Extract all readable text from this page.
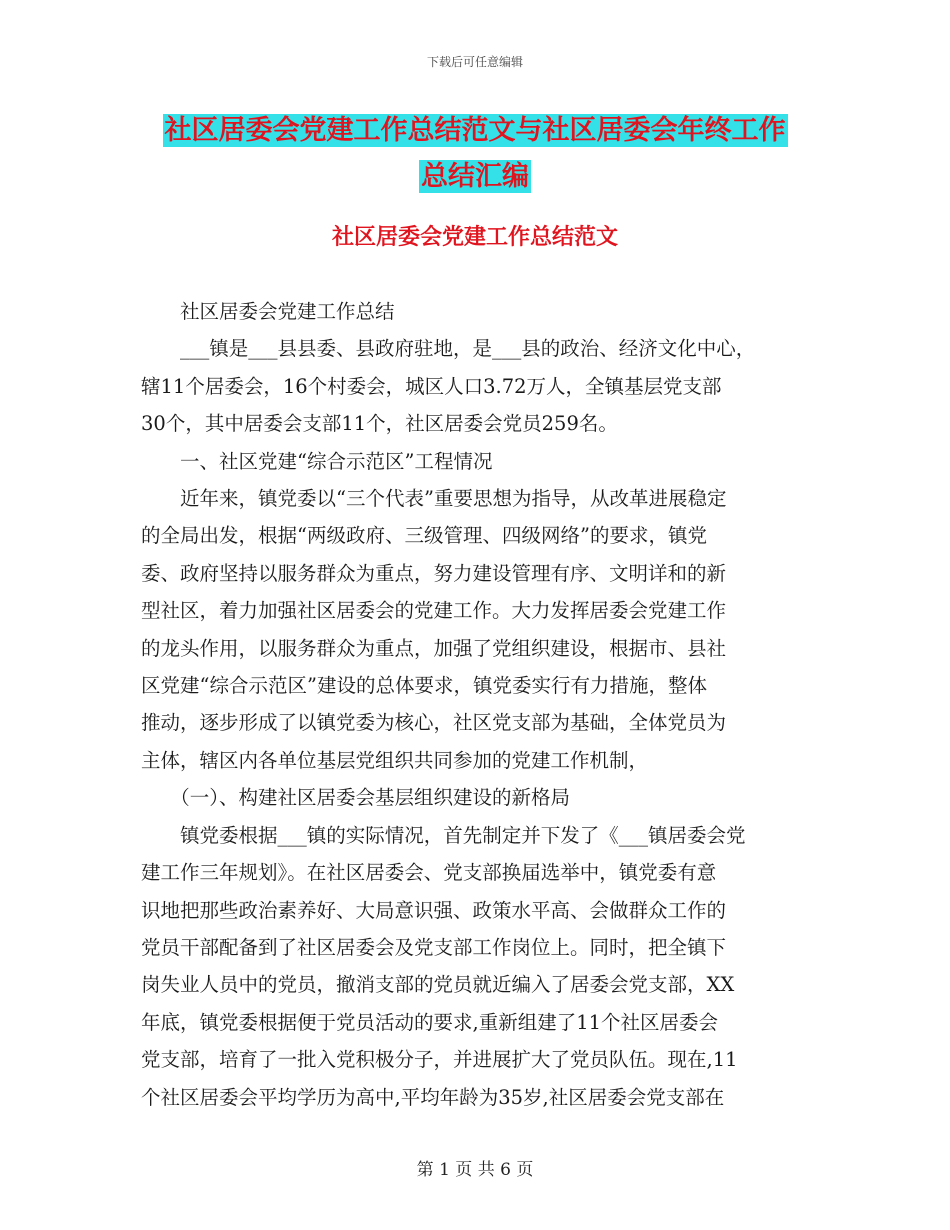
下载后可任意编辑
社区居委会党建工作总结范文与社区居委会年终工作
总结汇编
社区居委会党建工作总结范文

　　社区居委会党建工作总结

　　___镇是___县县委、县政府驻地，是___县的政治、经济文化中心，

辖11个居委会，16个村委会，城区人口3.72万人，全镇基层党支部

30个，其中居委会支部11个，社区居委会党员259名。

　　一、社区党建“综合示范区”工程情况

　　近年来，镇党委以“三个代表”重要思想为指导，从改革进展稳定

的全局出发，根据“两级政府、三级管理、四级网络”的要求，镇党

委、政府坚持以服务群众为重点，努力建设管理有序、文明详和的新

型社区，着力加强社区居委会的党建工作。大力发挥居委会党建工作

的龙头作用，以服务群众为重点，加强了党组织建设，根据市、县社

区党建“综合示范区”建设的总体要求，镇党委实行有力措施，整体

推动，逐步形成了以镇党委为核心，社区党支部为基础，全体党员为

主体，辖区内各单位基层党组织共同参加的党建工作机制，

　　（一）、构建社区居委会基层组织建设的新格局

　　镇党委根据___镇的实际情况，首先制定并下发了《___镇居委会党

建工作三年规划》。在社区居委会、党支部换届选举中，镇党委有意

识地把那些政治素养好、大局意识强、政策水平高、会做群众工作的

党员干部配备到了社区居委会及党支部工作岗位上。同时，把全镇下

岗失业人员中的党员，撤消支部的党员就近编入了居委会党支部，XX

年底，镇党委根据便于党员活动的要求,重新组建了11个社区居委会

党支部，培育了一批入党积极分子，并进展扩大了党员队伍。现在,11

个社区居委会平均学历为高中,平均年龄为35岁,社区居委会党支部在

第 1 页 共 6 页
